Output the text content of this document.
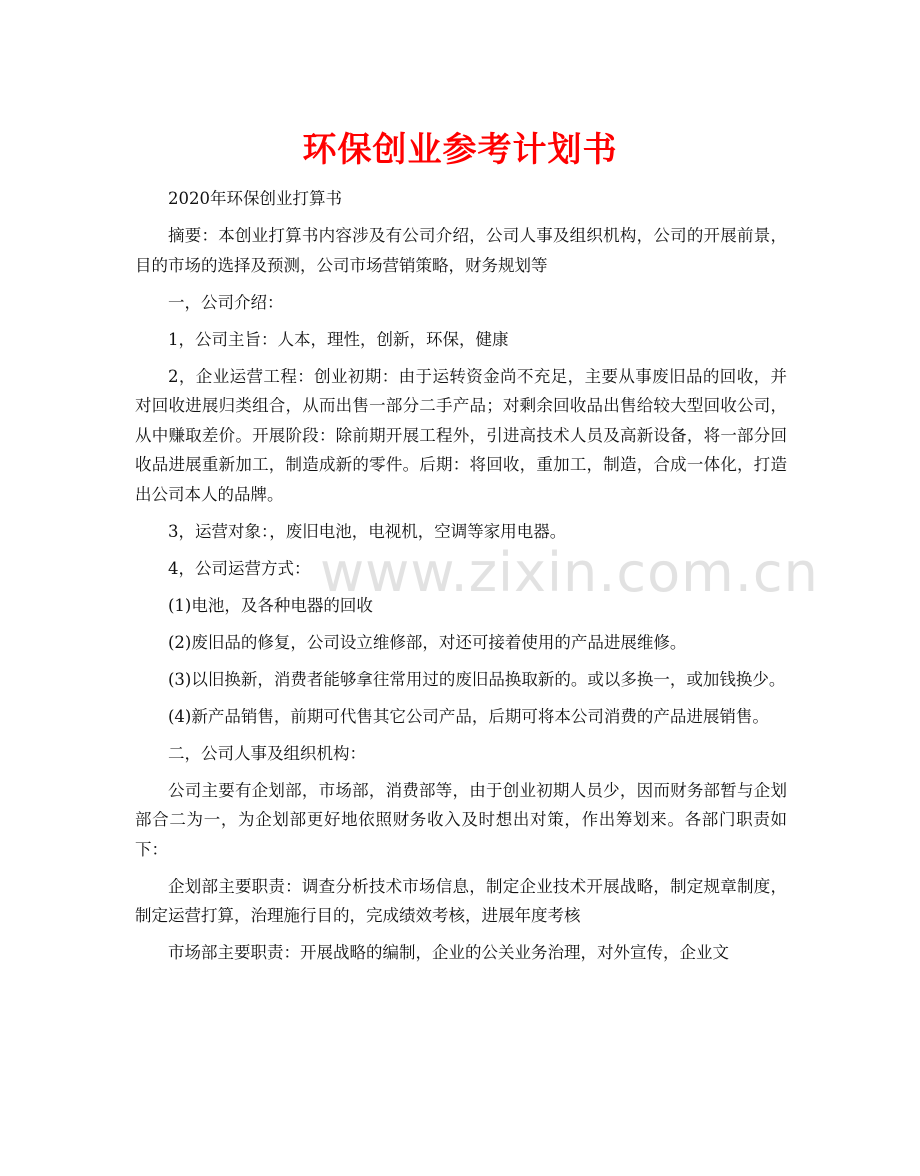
环保创业参考计划书

2020年环保创业打算书

摘要：本创业打算书内容涉及有公司介绍，公司人事及组织机构，公司的开展前景，目的市场的选择及预测，公司市场营销策略，财务规划等

一，公司介绍：

1，公司主旨：人本，理性，创新，环保，健康

2，企业运营工程：创业初期：由于运转资金尚不充足，主要从事废旧品的回收，并对回收进展归类组合，从而出售一部分二手产品；对剩余回收品出售给较大型回收公司，从中赚取差价。开展阶段：除前期开展工程外，引进高技术人员及高新设备，将一部分回收品进展重新加工，制造成新的零件。后期：将回收，重加工，制造，合成一体化，打造出公司本人的品牌。

3，运营对象：，废旧电池，电视机，空调等家用电器。

4，公司运营方式：

(1)电池，及各种电器的回收

(2)废旧品的修复，公司设立维修部，对还可接着使用的产品进展维修。

(3)以旧换新，消费者能够拿往常用过的废旧品换取新的。或以多换一，或加钱换少。

(4)新产品销售，前期可代售其它公司产品，后期可将本公司消费的产品进展销售。

二，公司人事及组织机构：

公司主要有企划部，市场部，消费部等，由于创业初期人员少，因而财务部暂与企划部合二为一，为企划部更好地依照财务收入及时想出对策，作出筹划来。各部门职责如下：

企划部主要职责：调查分析技术市场信息，制定企业技术开展战略，制定规章制度，制定运营打算，治理施行目的，完成绩效考核，进展年度考核

市场部主要职责：开展战略的编制，企业的公关业务治理，对外宣传，企业文

www.zixin.com.cn
